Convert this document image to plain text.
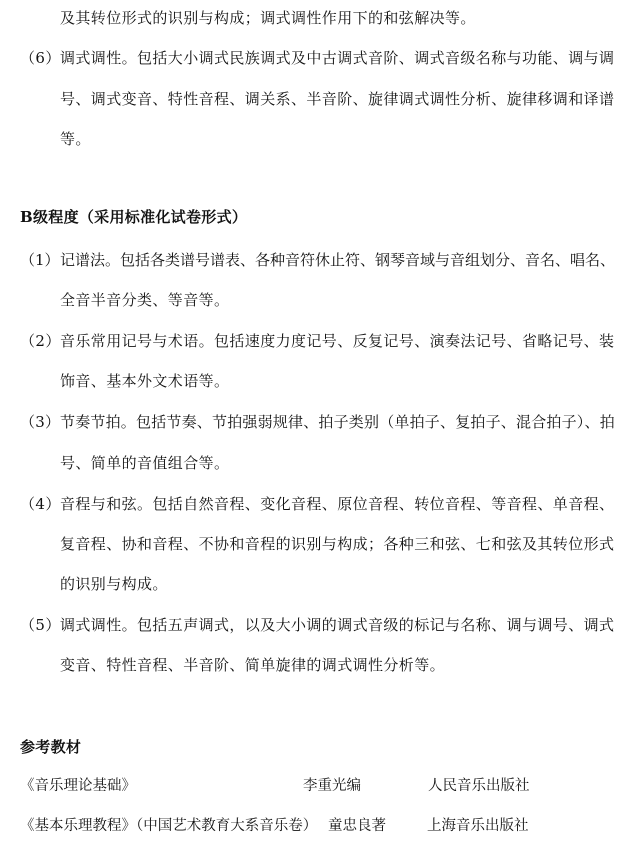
及其转位形式的识别与构成；调式调性作用下的和弦解决等。
（6）调式调性。包括大小调式民族调式及中古调式音阶、调式音级名称与功能、调与调
号、调式变音、特性音程、调关系、半音阶、旋律调式调性分析、旋律移调和译谱
等。
B级程度（采用标准化试卷形式）
（1）记谱法。包括各类谱号谱表、各种音符休止符、钢琴音域与音组划分、音名、唱名、
全音半音分类、等音等。
（2）音乐常用记号与术语。包括速度力度记号、反复记号、演奏法记号、省略记号、装
饰音、基本外文术语等。
（3）节奏节拍。包括节奏、节拍强弱规律、拍子类别（单拍子、复拍子、混合拍子）、拍
号、简单的音值组合等。
（4）音程与和弦。包括自然音程、变化音程、原位音程、转位音程、等音程、单音程、
复音程、协和音程、不协和音程的识别与构成；各种三和弦、七和弦及其转位形式
的识别与构成。
（5）调式调性。包括五声调式，以及大小调的调式音级的标记与名称、调与调号、调式
变音、特性音程、半音阶、简单旋律的调式调性分析等。
参考教材
《音乐理论基础》	李重光编	人民音乐出版社
《基本乐理教程》（中国艺术教育大系音乐卷） 童忠良著	上海音乐出版社
